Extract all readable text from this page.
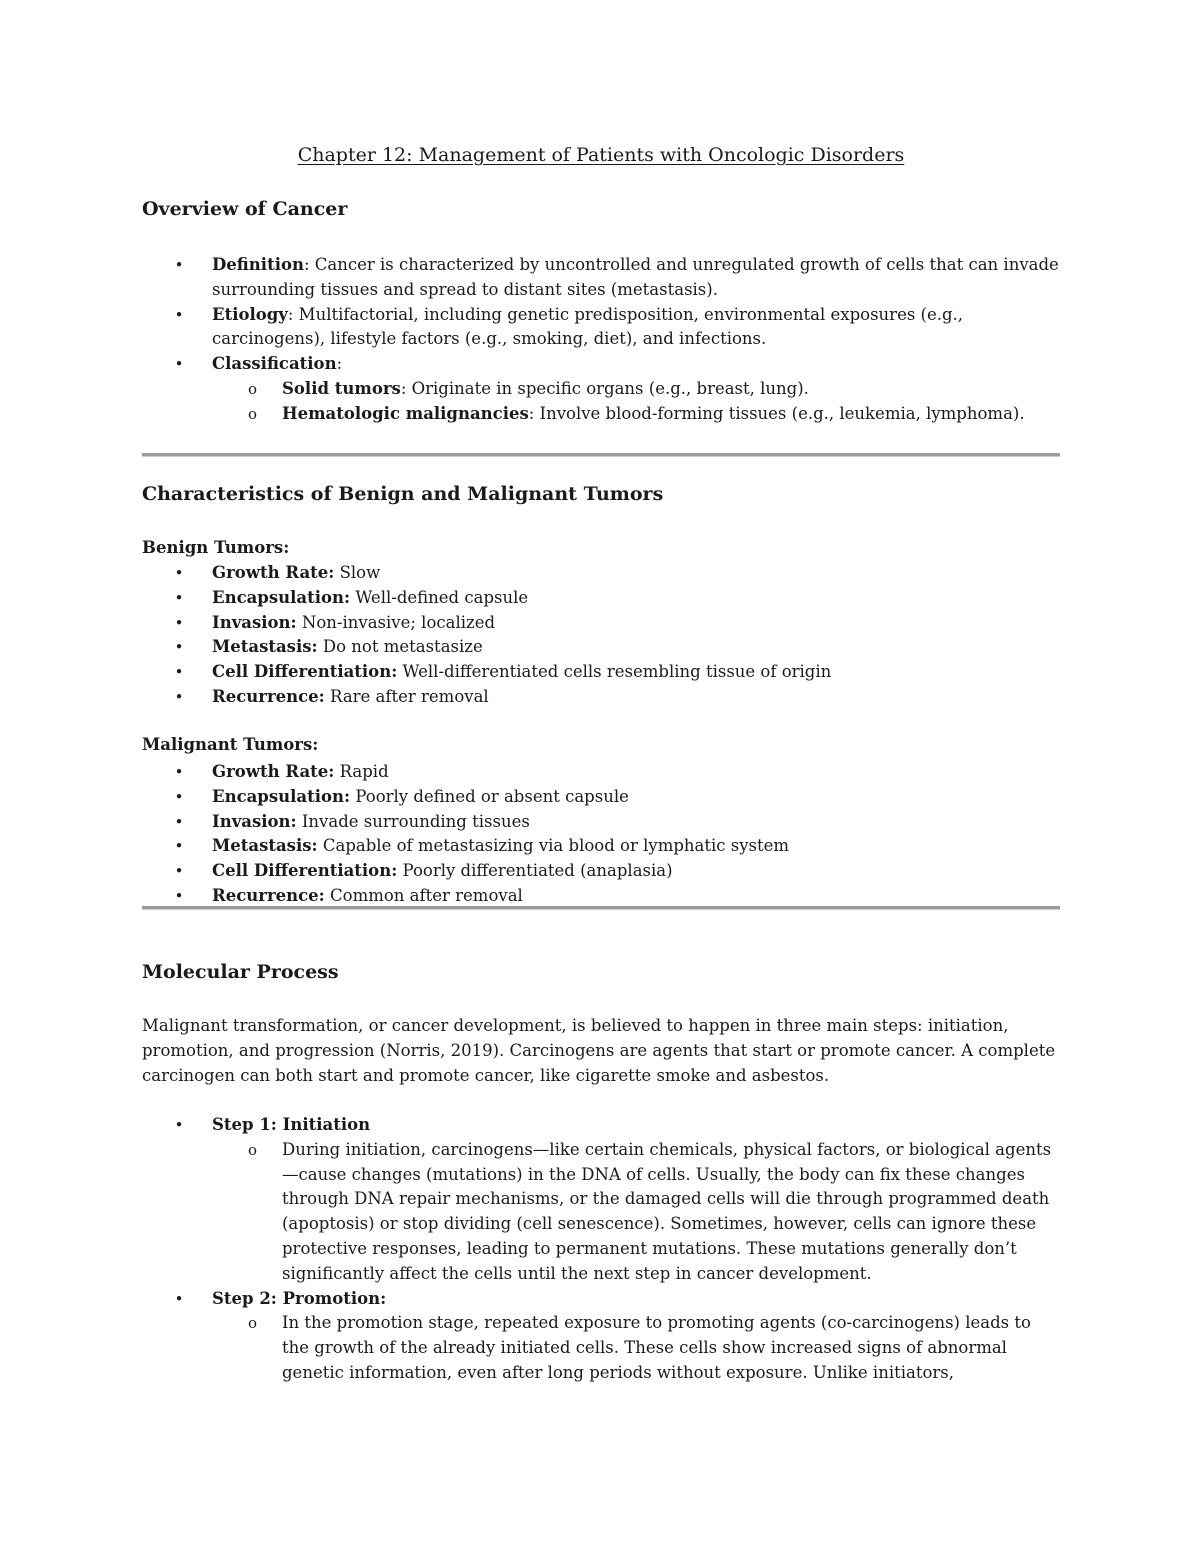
Chapter 12: Management of Patients with Oncologic Disorders
Overview of Cancer
• Definition: Cancer is characterized by uncontrolled and unregulated growth of cells that can invade surrounding tissues and spread to distant sites (metastasis).
• Etiology: Multifactorial, including genetic predisposition, environmental exposures (e.g., carcinogens), lifestyle factors (e.g., smoking, diet), and infections.
• Classification:
o Solid tumors: Originate in specific organs (e.g., breast, lung).
o Hematologic malignancies: Involve blood-forming tissues (e.g., leukemia, lymphoma).
Characteristics of Benign and Malignant Tumors
Benign Tumors:
• Growth Rate: Slow
• Encapsulation: Well-defined capsule
• Invasion: Non-invasive; localized
• Metastasis: Do not metastasize
• Cell Differentiation: Well-differentiated cells resembling tissue of origin
• Recurrence: Rare after removal
Malignant Tumors:
• Growth Rate: Rapid
• Encapsulation: Poorly defined or absent capsule
• Invasion: Invade surrounding tissues
• Metastasis: Capable of metastasizing via blood or lymphatic system
• Cell Differentiation: Poorly differentiated (anaplasia)
• Recurrence: Common after removal
Molecular Process

Malignant transformation, or cancer development, is believed to happen in three main steps: initiation, promotion, and progression (Norris, 2019). Carcinogens are agents that start or promote cancer. A complete carcinogen can both start and promote cancer, like cigarette smoke and asbestos.

• Step 1: Initiation
o During initiation, carcinogens—like certain chemicals, physical factors, or biological agents—cause changes (mutations) in the DNA of cells. Usually, the body can fix these changes through DNA repair mechanisms, or the damaged cells will die through programmed death (apoptosis) or stop dividing (cell senescence). Sometimes, however, cells can ignore these protective responses, leading to permanent mutations. These mutations generally don’t significantly affect the cells until the next step in cancer development.
• Step 2: Promotion:
o In the promotion stage, repeated exposure to promoting agents (co-carcinogens) leads to the growth of the already initiated cells. These cells show increased signs of abnormal genetic information, even after long periods without exposure. Unlike initiators,
